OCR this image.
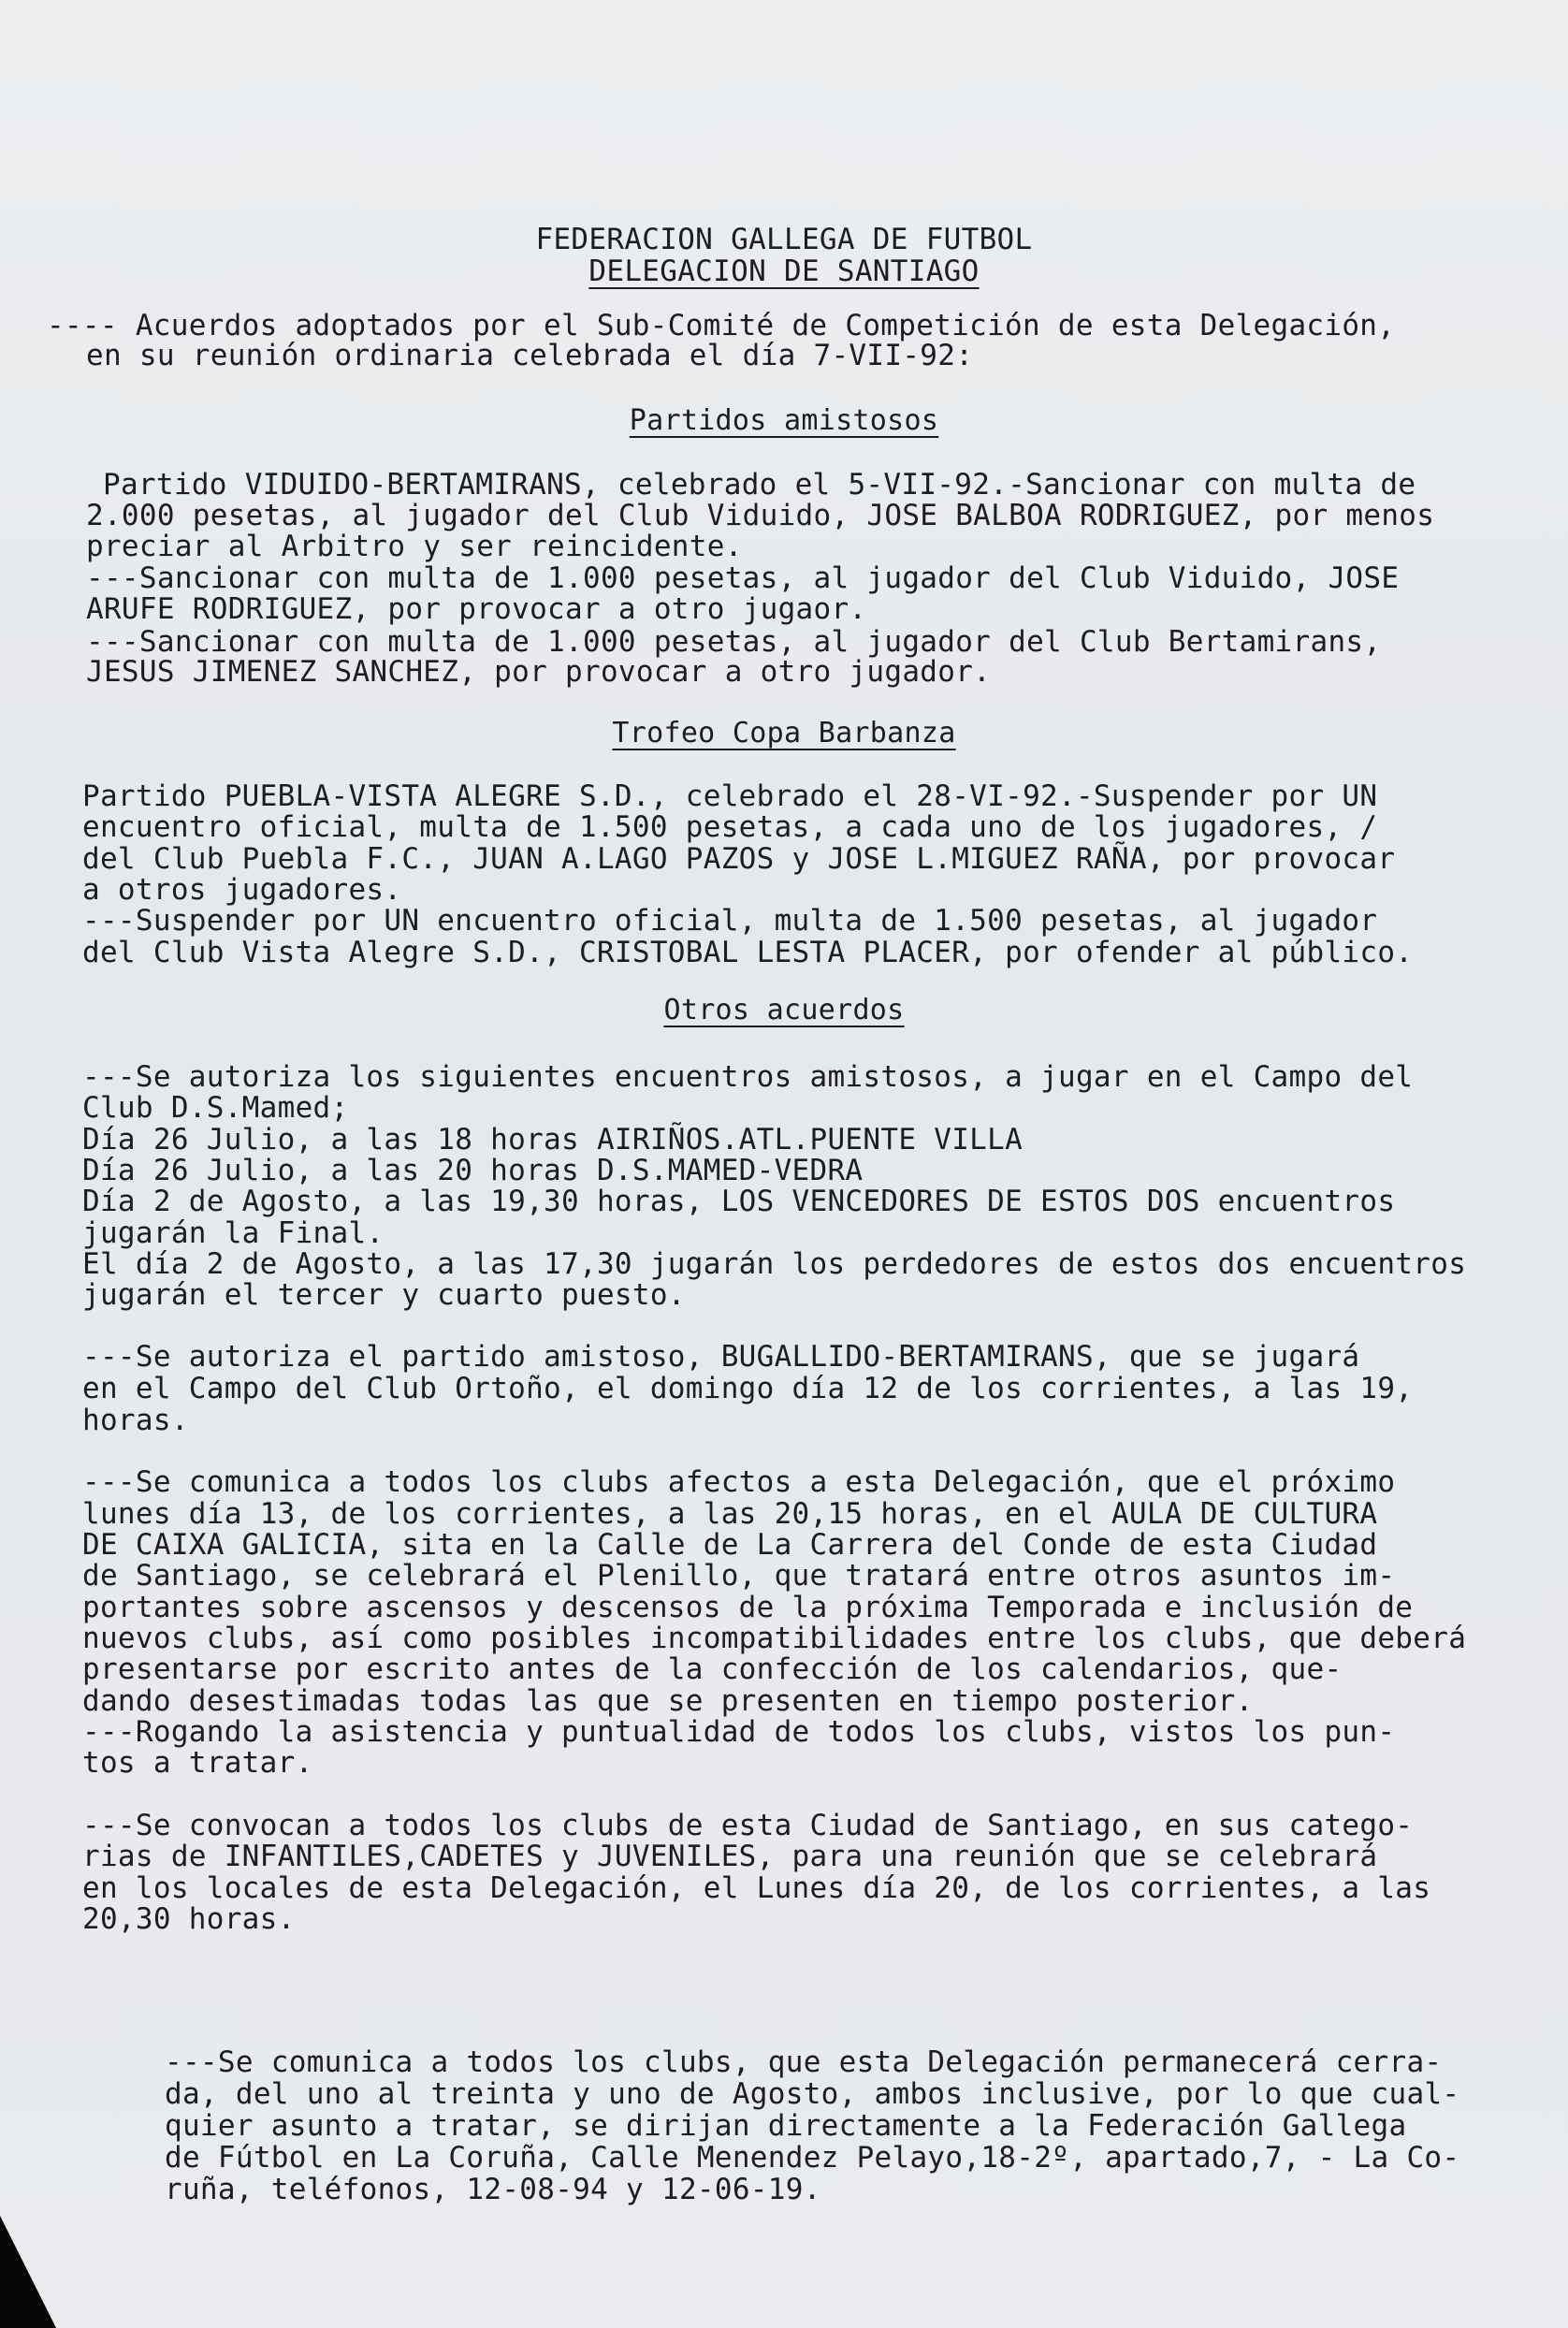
FEDERACION GALLEGA DE FUTBOL
DELEGACION DE SANTIAGO
---- Acuerdos adoptados por el Sub-Comité de Competición de esta Delegación,
en su reunión ordinaria celebrada el día 7-VII-92:
Partidos amistosos
Partido VIDUIDO-BERTAMIRANS, celebrado el 5-VII-92.-Sancionar con multa de
2.000 pesetas, al jugador del Club Viduido, JOSE BALBOA RODRIGUEZ, por menos
preciar al Arbitro y ser reincidente.
---Sancionar con multa de 1.000 pesetas, al jugador del Club Viduido, JOSE
ARUFE RODRIGUEZ, por provocar a otro jugaor.
---Sancionar con multa de 1.000 pesetas, al jugador del Club Bertamirans,
JESUS JIMENEZ SANCHEZ, por provocar a otro jugador.
Trofeo Copa Barbanza
Partido PUEBLA-VISTA ALEGRE S.D., celebrado el 28-VI-92.-Suspender por UN
encuentro oficial, multa de 1.500 pesetas, a cada uno de los jugadores, /
del Club Puebla F.C., JUAN A.LAGO PAZOS y JOSE L.MIGUEZ RAÑA, por provocar
a otros jugadores.
---Suspender por UN encuentro oficial, multa de 1.500 pesetas, al jugador
del Club Vista Alegre S.D., CRISTOBAL LESTA PLACER, por ofender al público.
Otros acuerdos
---Se autoriza los siguientes encuentros amistosos, a jugar en el Campo del
Club D.S.Mamed;
Día 26 Julio, a las 18 horas AIRIÑOS.ATL.PUENTE VILLA
Día 26 Julio, a las 20 horas D.S.MAMED-VEDRA
Día 2 de Agosto, a las 19,30 horas, LOS VENCEDORES DE ESTOS DOS encuentros
jugarán la Final.
El día 2 de Agosto, a las 17,30 jugarán los perdedores de estos dos encuentros
jugarán el tercer y cuarto puesto.
---Se autoriza el partido amistoso, BUGALLIDO-BERTAMIRANS, que se jugará
en el Campo del Club Ortoño, el domingo día 12 de los corrientes, a las 19,
horas.
---Se comunica a todos los clubs afectos a esta Delegación, que el próximo
lunes día 13, de los corrientes, a las 20,15 horas, en el AULA DE CULTURA
DE CAIXA GALICIA, sita en la Calle de La Carrera del Conde de esta Ciudad
de Santiago, se celebrará el Plenillo, que tratará entre otros asuntos im-
portantes sobre ascensos y descensos de la próxima Temporada e inclusión de
nuevos clubs, así como posibles incompatibilidades entre los clubs, que deberá
presentarse por escrito antes de la confección de los calendarios, que-
dando desestimadas todas las que se presenten en tiempo posterior.
---Rogando la asistencia y puntualidad de todos los clubs, vistos los pun-
tos a tratar.
---Se convocan a todos los clubs de esta Ciudad de Santiago, en sus catego-
rias de INFANTILES,CADETES y JUVENILES, para una reunión que se celebrará
en los locales de esta Delegación, el Lunes día 20, de los corrientes, a las
20,30 horas.
---Se comunica a todos los clubs, que esta Delegación permanecerá cerra-
da, del uno al treinta y uno de Agosto, ambos inclusive, por lo que cual-
quier asunto a tratar, se dirijan directamente a la Federación Gallega
de Fútbol en La Coruña, Calle Menendez Pelayo,18-2º, apartado,7, - La Co-
ruña, teléfonos, 12-08-94 y 12-06-19.
